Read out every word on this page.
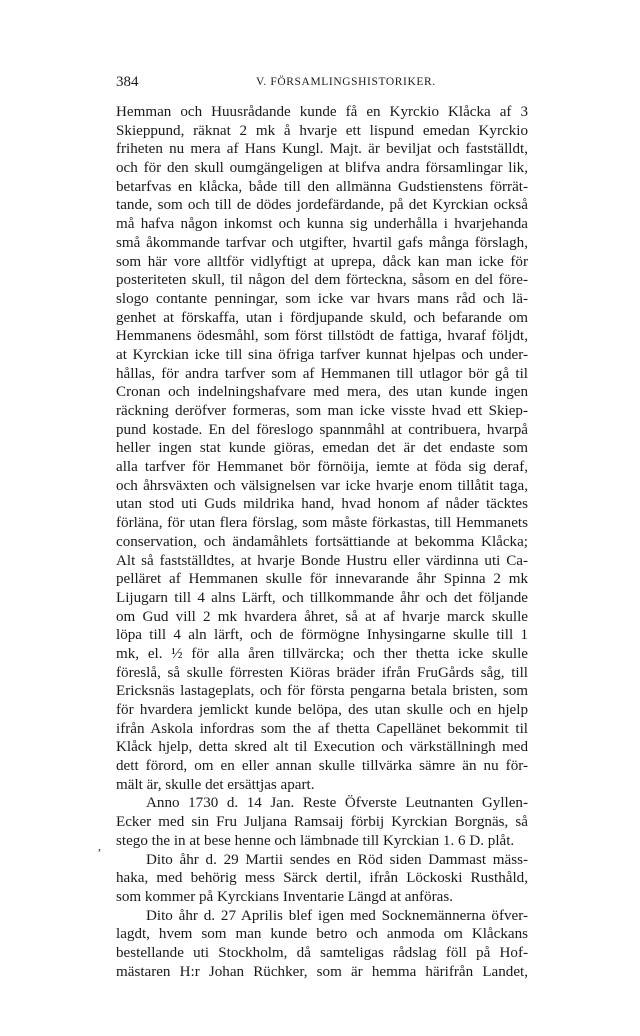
384	V. FÖRSAMLINGSHISTORIKER.
,
Hemman och Huusrådande kunde få en Kyrckio Klåcka af 3
Skieppund, räknat 2 mk å hvarje ett lispund emedan Kyrckio
friheten nu mera af Hans Kungl. Majt. är beviljat och fastställdt,
och för den skull oumgängeligen at blifva andra församlingar lik,
betarfvas en klåcka, både till den allmänna Gudstienstens förrät-
tande, som och till de dödes jordefärdande, på det Kyrckian också
må hafva någon inkomst och kunna sig underhålla i hvarjehanda
små åkommande tarfvar och utgifter, hvartil gafs många förslagh,
som här vore alltför vidlyftigt at uprepa, dåck kan man icke för
posteriteten skull, til någon del dem förteckna, såsom en del före-
slogo contante penningar, som icke var hvars mans råd och lä-
genhet at förskaffa, utan i fördjupande skuld, och befarande om
Hemmanens ödesmåhl, som först tillstödt de fattiga, hvaraf följdt,
at Kyrckian icke till sina öfriga tarfver kunnat hjelpas och under-
hållas, för andra tarfver som af Hemmanen till utlagor bör gå til
Cronan och indelningshafvare med mera, des utan kunde ingen
räckning deröfver formeras, som man icke visste hvad ett Skiep-
pund kostade. En del föreslogo spannmåhl at contribuera, hvarpå
heller ingen stat kunde giöras, emedan det är det endaste som
alla tarfver för Hemmanet bör förnöija, iemte at föda sig deraf,
och åhrsväxten och välsignelsen var icke hvarje enom tillåtit taga,
utan stod uti Guds mildrika hand, hvad honom af nåder täcktes
förläna, för utan flera förslag, som måste förkastas, till Hemmanets
conservation, och ändamåhlets fortsättiande at bekomma Klåcka;
Alt så fastställdtes, at hvarje Bonde Hustru eller värdinna uti Ca-
pelläret af Hemmanen skulle för innevarande åhr Spinna 2 mk
Lijugarn till 4 alns Lärft, och tillkommande åhr och det följande
om Gud vill 2 mk hvardera åhret, så at af hvarje marck skulle
löpa till 4 aln lärft, och de förmögne Inhysingarne skulle till 1
mk, el. ½ för alla åren tillvärcka; och ther thetta icke skulle
föreslå, så skulle förresten Kiöras bräder ifrån FruGårds såg, till
Ericksnäs lastageplats, och för första pengarna betala bristen, som
för hvardera jemlickt kunde belöpa, des utan skulle och en hjelp
ifrån Askola infordras som the af thetta Capellänet bekommit til
Klåck hjelp, detta skred alt til Execution och värkställningh med
dett förord, om en eller annan skulle tillvärka sämre än nu för-
mält är, skulle det ersättjas apart.
Anno 1730 d. 14 Jan. Reste Öfverste Leutnanten Gyllen-
Ecker med sin Fru Juljana Ramsaij förbij Kyrckian Borgnäs, så
stego the in at bese henne och lämbnade till Kyrckian 1. 6 D. plåt.
Dito åhr d. 29 Martii sendes en Röd siden Dammast mäss-
haka, med behörig mess Särck dertil, ifrån Löckoski Rusthåld,
som kommer på Kyrckians Inventarie Längd at anföras.
Dito åhr d. 27 Aprilis blef igen med Socknemännerna öfver-
lagdt, hvem som man kunde betro och anmoda om Klåckans
bestellande uti Stockholm, då samteligas rådslag föll på Hof-
mästaren H:r Johan Rüchker, som är hemma härifrån Landet,
